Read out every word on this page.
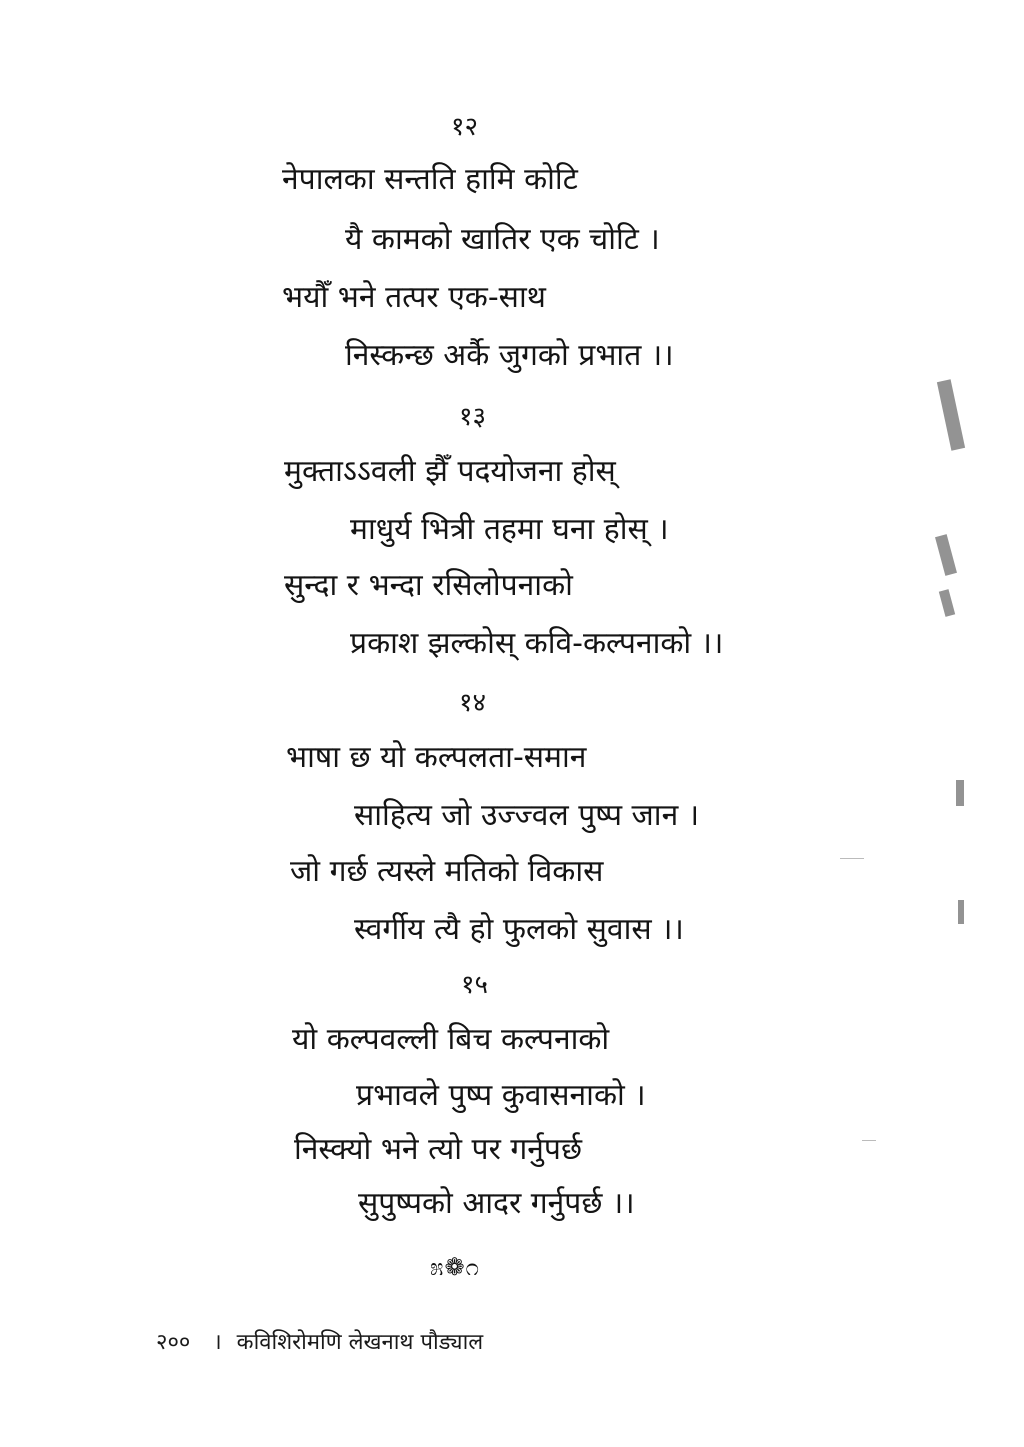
१२
नेपालका सन्तति हामि कोटि
यै कामको खातिर एक चोटि ।
भयौँ भने तत्पर एक-साथ
निस्कन्छ अर्कै जुगको प्रभात ।।
१३
मुक्ताऽऽवली झैँ पदयोजना होस्
माधुर्य भित्री तहमा घना होस् ।
सुन्दा र भन्दा रसिलोपनाको
प्रकाश झल्कोस् कवि-कल्पनाको ।।
१४
भाषा छ यो कल्पलता-समान
साहित्य जो उज्ज्वल पुष्प जान ।
जो गर्छ त्यस्ले मतिको विकास
स्वर्गीय त्यै हो फुलको सुवास ।।
१५
यो कल्पवल्ली बिच कल्पनाको
प्रभावले पुष्प कुवासनाको ।
निस्क्यो भने त्यो पर गर्नुपर्छ
सुपुष्पको आदर गर्नुपर्छ ।।
೫❁೧
२०० । कविशिरोमणि लेखनाथ पौड्याल
